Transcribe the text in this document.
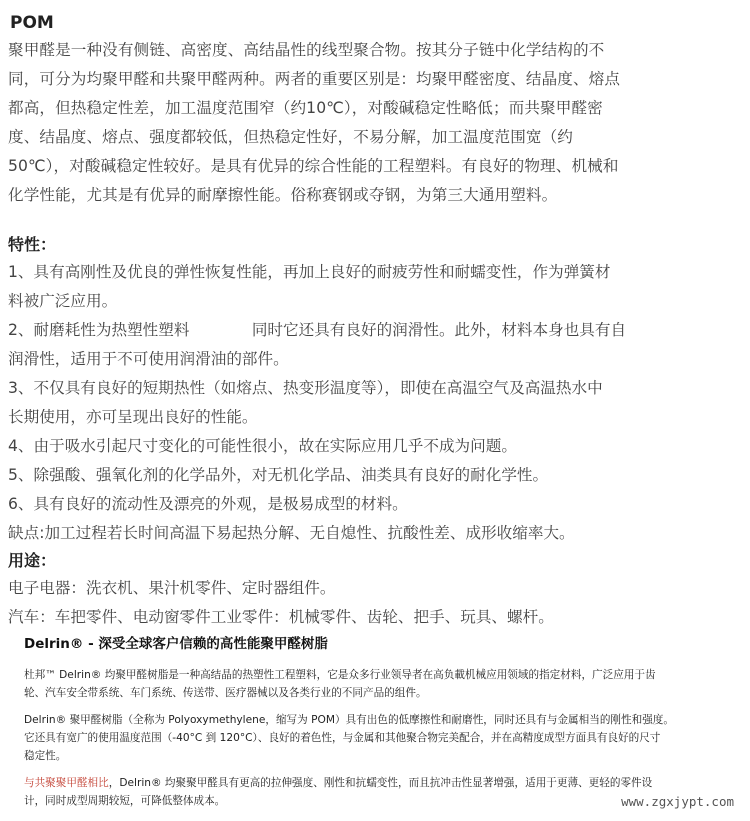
POM

聚甲醛是一种没有侧链、高密度、高结晶性的线型聚合物。按其分子链中化学结构的不

同，可分为均聚甲醛和共聚甲醛两种。两者的重要区别是：均聚甲醛密度、结晶度、熔点

都高，但热稳定性差，加工温度范围窄（约10℃），对酸碱稳定性略低；而共聚甲醛密

度、结晶度、熔点、强度都较低，但热稳定性好，不易分解，加工温度范围宽（约

50℃），对酸碱稳定性较好。是具有优异的综合性能的工程塑料。有良好的物理、机械和

化学性能，尤其是有优异的耐摩擦性能。俗称赛钢或夺钢，为第三大通用塑料。

特性：

1、具有高刚性及优良的弹性恢复性能，再加上良好的耐疲劳性和耐蠕变性，作为弹簧材

料被广泛应用。

2、耐磨耗性为热塑性塑料　　　　同时它还具有良好的润滑性。此外，材料本身也具有自

润滑性，适用于不可使用润滑油的部件。

3、不仅具有良好的短期热性（如熔点、热变形温度等），即使在高温空气及高温热水中

长期使用，亦可呈现出良好的性能。

4、由于吸水引起尺寸变化的可能性很小，故在实际应用几乎不成为问题。

5、除强酸、强氧化剂的化学品外，对无机化学品、油类具有良好的耐化学性。

6、具有良好的流动性及漂亮的外观，是极易成型的材料。

缺点:加工过程若长时间高温下易起热分解、无自熄性、抗酸性差、成形收缩率大。

用途：

电子电器：洗衣机、果汁机零件、定时器组件。

汽车：车把零件、电动窗零件工业零件：机械零件、齿轮、把手、玩具、螺杆。

Delrin® - 深受全球客户信赖的高性能聚甲醛树脂
杜邦™ Delrin® 均聚甲醛树脂是一种高结晶的热塑性工程塑料，它是众多行业领导者在高负載机械应用领域的指定材料，广泛应用于齿
轮、汽车安全带系统、车门系统、传送带、医疗器械以及各类行业的不同产品的组件。
Delrin® 聚甲醛树脂（全称为 Polyoxymethylene，缩写为 POM）具有出色的低摩擦性和耐磨性，同时还具有与金属相当的刚性和强度。
它还具有宽广的使用温度范围（-40°C 到 120°C）、良好的着色性，与金属和其他聚合物完美配合，并在高精度成型方面具有良好的尺寸
稳定性。
与共聚聚甲醛相比，Delrin® 均聚聚甲醛具有更高的拉伸强度、刚性和抗蠕变性，而且抗冲击性显著增强，适用于更薄、更轻的零件设
计，同时成型周期较短，可降低整体成本。	www.zgxjypt.com
